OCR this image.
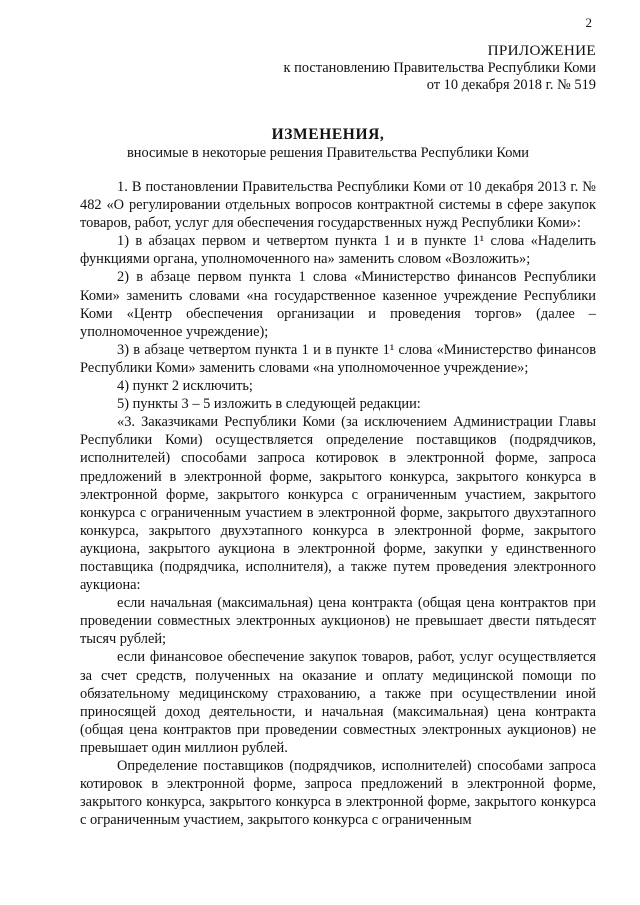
2
ПРИЛОЖЕНИЕ
к постановлению Правительства Республики Коми
от 10 декабря 2018 г. № 519
ИЗМЕНЕНИЯ,
вносимые в некоторые решения Правительства Республики Коми

1. В постановлении Правительства Республики Коми от 10 декабря 2013 г. № 482 «О регулировании отдельных вопросов контрактной системы в сфере закупок товаров, работ, услуг для обеспечения государственных нужд Республики Коми»:

1) в абзацах первом и четвертом пункта 1 и в пункте 1¹ слова «Наделить функциями органа, уполномоченного на» заменить словом «Возложить»;

2) в абзаце первом пункта 1 слова «Министерство финансов Республики Коми» заменить словами «на государственное казенное учреждение Республики Коми «Центр обеспечения организации и проведения торгов» (далее – уполномоченное учреждение);

3) в абзаце четвертом пункта 1 и в пункте 1¹ слова «Министерство финансов Республики Коми» заменить словами «на уполномоченное учреждение»;

4) пункт 2 исключить;

5) пункты 3 – 5 изложить в следующей редакции:

«3. Заказчиками Республики Коми (за исключением Администрации Главы Республики Коми) осуществляется определение поставщиков (подрядчиков, исполнителей) способами запроса котировок в электронной форме, запроса предложений в электронной форме, закрытого конкурса, закрытого конкурса в электронной форме, закрытого конкурса с ограниченным участием, закрытого конкурса с ограниченным участием в электронной форме, закрытого двухэтапного конкурса, закрытого двухэтапного конкурса в электронной форме, закрытого аукциона, закрытого аукциона в электронной форме, закупки у единственного поставщика (подрядчика, исполнителя), а также путем проведения электронного аукциона:

если начальная (максимальная) цена контракта (общая цена контрактов при проведении совместных электронных аукционов) не превышает двести пятьдесят тысяч рублей;

если финансовое обеспечение закупок товаров, работ, услуг осуществляется за счет средств, полученных на оказание и оплату медицинской помощи по обязательному медицинскому страхованию, а также при осуществлении иной приносящей доход деятельности, и начальная (максимальная) цена контракта (общая цена контрактов при проведении совместных электронных аукционов) не превышает один миллион рублей.

Определение поставщиков (подрядчиков, исполнителей) способами запроса котировок в электронной форме, запроса предложений в электронной форме, закрытого конкурса, закрытого конкурса в электронной форме, закрытого конкурса с ограниченным участием, закрытого конкурса с ограниченным
